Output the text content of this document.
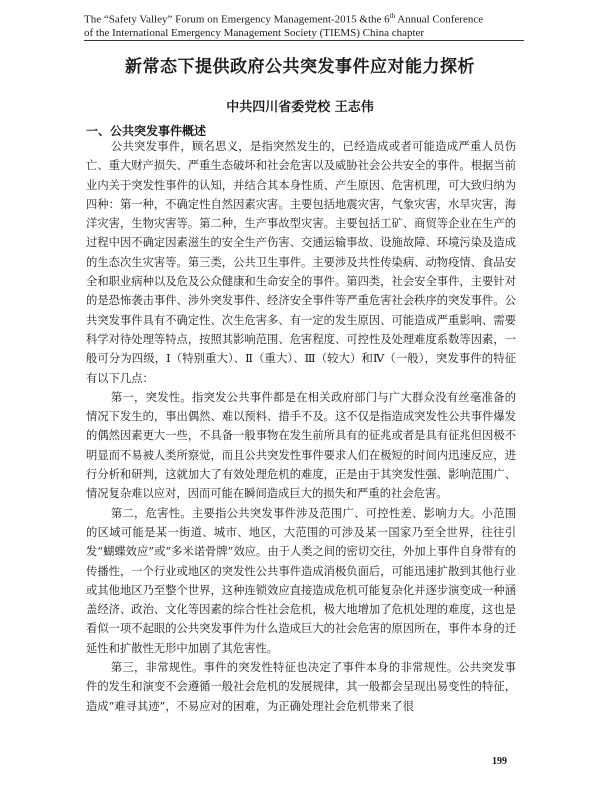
The “Safety Valley” Forum on Emergency Management-2015 &the 6th Annual Conference
of the International Emergency Management Society (TIEMS) China chapter
新常态下提供政府公共突发事件应对能力探析
中共四川省委党校 王志伟
一、公共突发事件概述

公共突发事件，顾名思义，是指突然发生的，已经造成或者可能造成严重人员伤亡、重大财产损失、严重生态破坏和社会危害以及威胁社会公共安全的事件。根据当前业内关于突发性事件的认知，并结合其本身性质、产生原因、危害机理，可大致归纳为四种：第一种，不确定性自然因素灾害。主要包括地震灾害，气象灾害，水旱灾害，海洋灾害，生物灾害等。第二种，生产事故型灾害。主要包括工矿、商贸等企业在生产的过程中因不确定因素滋生的安全生产伤害、交通运输事故、设施故障、环境污染及造成的生态次生灾害等。第三类，公共卫生事件。主要涉及共性传染病、动物疫情、食品安全和职业病种以及危及公众健康和生命安全的事件。第四类，社会安全事件，主要针对的是恐怖袭击事件、涉外突发事件、经济安全事件等严重危害社会秩序的突发事件。公共突发事件具有不确定性、次生危害多、有一定的发生原因、可能造成严重影响、需要科学对待处理等特点，按照其影响范围、危害程度、可控性及处理难度系数等因素，一般可分为四级，Ⅰ（特别重大）、Ⅱ（重大）、Ⅲ（较大）和Ⅳ（一般），突发事件的特征有以下几点：

第一，突发性。指突发公共事件都是在相关政府部门与广大群众没有丝毫准备的情况下发生的，事出偶然、难以预料、措手不及。这不仅是指造成突发性公共事件爆发的偶然因素更大一些，不具备一般事物在发生前所具有的征兆或者是具有征兆但因极不明显而不易被人类所察觉，而且公共突发性事件要求人们在极短的时间内迅速反应，进行分析和研判，这就加大了有效处理危机的难度，正是由于其突发性强、影响范围广、情况复杂难以应对，因而可能在瞬间造成巨大的损失和严重的社会危害。

第二，危害性。主要指公共突发事件涉及范围广、可控性差、影响力大。小范围的区域可能是某一街道、城市、地区，大范围的可涉及某一国家乃至全世界，往往引发“蝴蝶效应”或“多米诺骨牌”效应。由于人类之间的密切交往，外加上事件自身带有的传播性，一个行业或地区的突发性公共事件造成消极负面后，可能迅速扩散到其他行业或其他地区乃至整个世界，这种连锁效应直接造成危机可能复杂化并逐步演变成一种涵盖经济、政治、文化等因素的综合性社会危机，极大地增加了危机处理的难度，这也是看似一项不起眼的公共突发事件为什么造成巨大的社会危害的原因所在，事件本身的迁延性和扩散性无形中加剧了其危害性。

第三，非常规性。事件的突发性特征也决定了事件本身的非常规性。公共突发事件的发生和演变不会遵循一般社会危机的发展规律，其一般都会呈现出易变性的特征，造成“难寻其迹”，不易应对的困难，为正确处理社会危机带来了很

199
